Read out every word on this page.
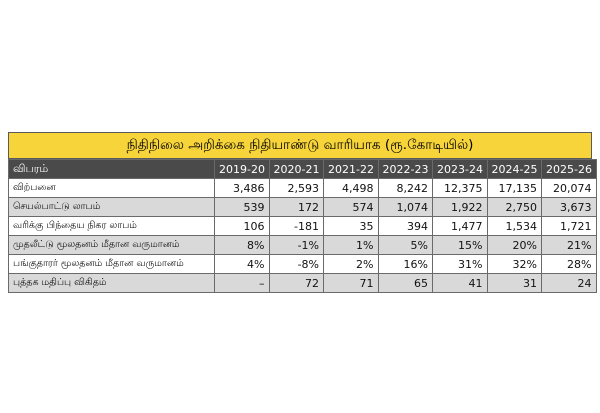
நிதிநிலை அறிக்கை நிதியாண்டு வாரியாக (ரூ.கோடியில்)
விபரம்	2019-20	2020-21	2021-22	2022-23	2023-24	2024-25	2025-26
விற்பனை	3,486	2,593	4,498	8,242	12,375	17,135	20,074
செயல்பாட்டு லாபம்	539	172	574	1,074	1,922	2,750	3,673
வரிக்கு பிந்தைய நிகர லாபம்	106	-181	35	394	1,477	1,534	1,721
முதலீட்டு மூலதனம் மீதான வருமானம்	8%	-1%	1%	5%	15%	20%	21%
பங்குதாரர் மூலதனம் மீதான வருமானம்	4%	-8%	2%	16%	31%	32%	28%
புத்தக மதிப்பு விகிதம்	–	72	71	65	41	31	24
